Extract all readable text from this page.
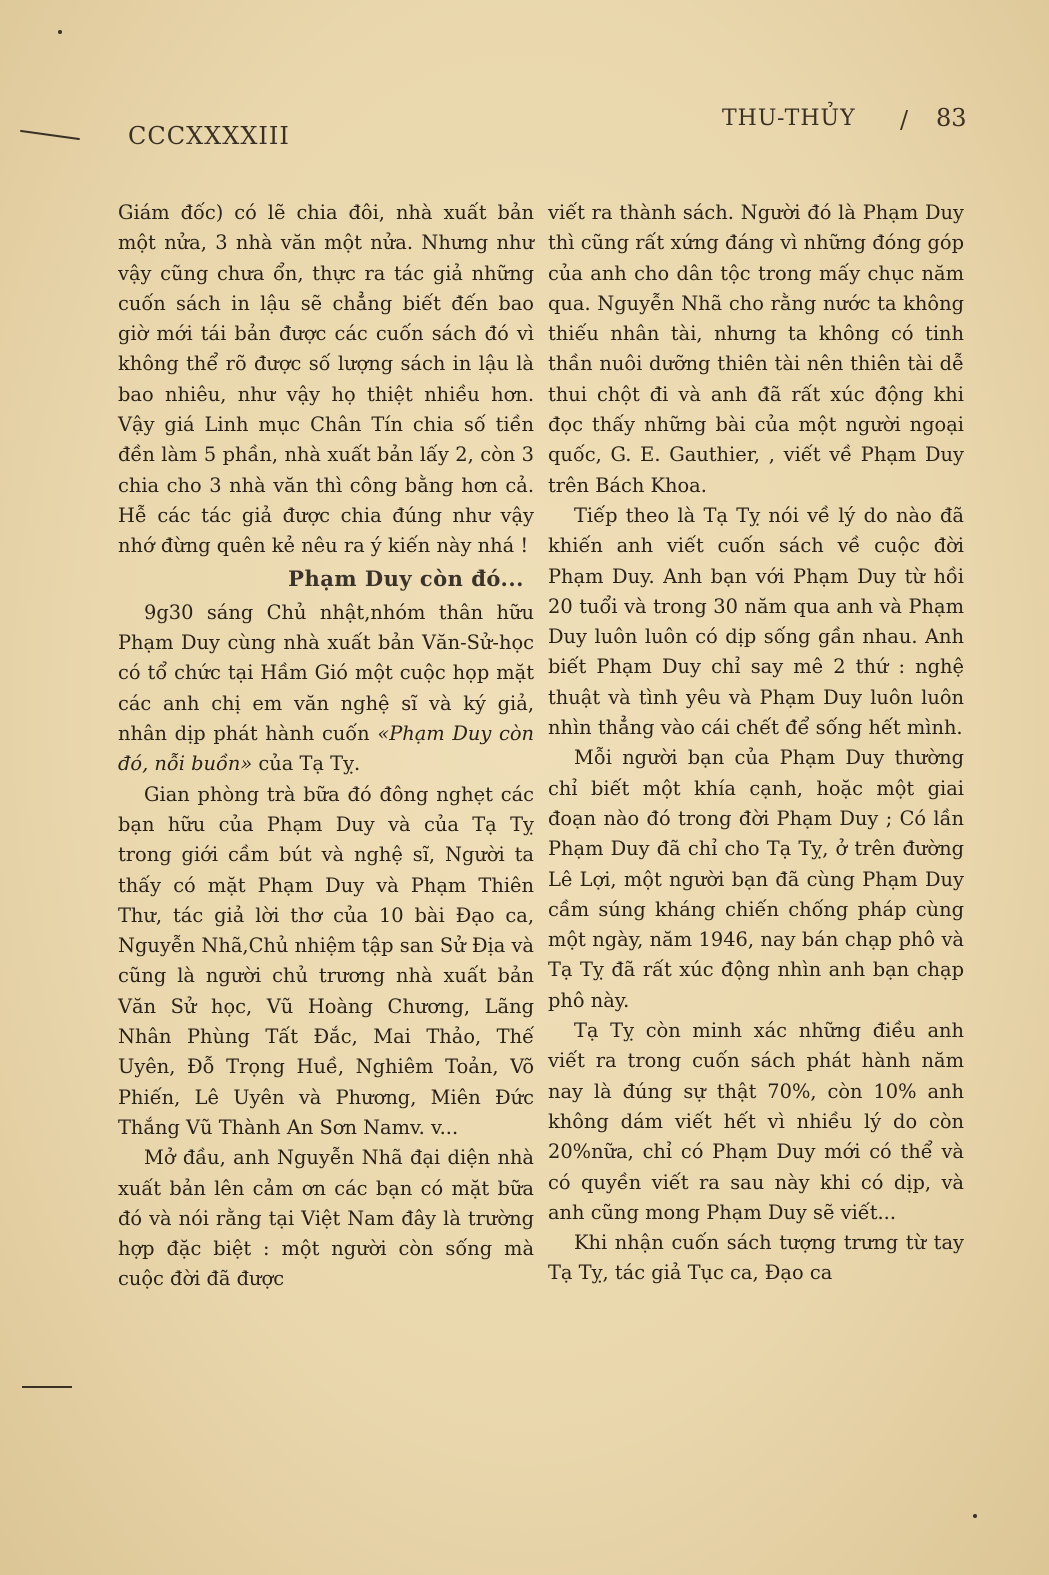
CCCXXXXIII
THU-THỦY / 83

Giám đốc) có lẽ chia đôi, nhà xuất bản một nửa, 3 nhà văn một nửa. Nhưng như vậy cũng chưa ổn, thực ra tác giả những cuốn sách in lậu sẽ chẳng biết đến bao giờ mới tái bản được các cuốn sách đó vì không thể rõ được số lượng sách in lậu là bao nhiêu, như vậy họ thiệt nhiều hơn. Vậy giá Linh mục Chân Tín chia số tiền đền làm 5 phần, nhà xuất bản lấy 2, còn 3 chia cho 3 nhà văn thì công bằng hơn cả. Hễ các tác giả được chia đúng như vậy nhớ đừng quên kẻ nêu ra ý kiến này nhá !

Phạm Duy còn đó...

9g30 sáng Chủ nhật,nhóm thân hữu Phạm Duy cùng nhà xuất bản Văn-Sử-học có tổ chức tại Hầm Gió một cuộc họp mặt các anh chị em văn nghệ sĩ và ký giả, nhân dịp phát hành cuốn «Phạm Duy còn đó, nỗi buồn» của Tạ Tỵ.

Gian phòng trà bữa đó đông nghẹt các bạn hữu của Phạm Duy và của Tạ Tỵ trong giới cầm bút và nghệ sĩ, Người ta thấy có mặt Phạm Duy và Phạm Thiên Thư, tác giả lời thơ của 10 bài Đạo ca, Nguyễn Nhã,Chủ nhiệm tập san Sử Địa và cũng là người chủ trương nhà xuất bản Văn Sử học, Vũ Hoàng Chương, Lãng Nhân Phùng Tất Đắc, Mai Thảo, Thế Uyên, Đỗ Trọng Huề, Nghiêm Toản, Võ Phiến, Lê Uyên và Phương, Miên Đức Thắng Vũ Thành An Sơn Namv. v...

Mở đầu, anh Nguyễn Nhã đại diện nhà xuất bản lên cảm ơn các bạn có mặt bữa đó và nói rằng tại Việt Nam đây là trường hợp đặc biệt : một người còn sống mà cuộc đời đã được

viết ra thành sách. Người đó là Phạm Duy thì cũng rất xứng đáng vì những đóng góp của anh cho dân tộc trong mấy chục năm qua. Nguyễn Nhã cho rằng nước ta không thiếu nhân tài, nhưng ta không có tinh thần nuôi dưỡng thiên tài nên thiên tài dễ thui chột đi và anh đã rất xúc động khi đọc thấy những bài của một người ngoại quốc, G. E. Gauthier, , viết về Phạm Duy trên Bách Khoa.

Tiếp theo là Tạ Tỵ nói về lý do nào đã khiến anh viết cuốn sách về cuộc đời Phạm Duy. Anh bạn với Phạm Duy từ hồi 20 tuổi và trong 30 năm qua anh và Phạm Duy luôn luôn có dịp sống gần nhau. Anh biết Phạm Duy chỉ say mê 2 thứ : nghệ thuật và tình yêu và Phạm Duy luôn luôn nhìn thẳng vào cái chết để sống hết mình.

Mỗi người bạn của Phạm Duy thường chỉ biết một khía cạnh, hoặc một giai đoạn nào đó trong đời Phạm Duy ; Có lần Phạm Duy đã chỉ cho Tạ Tỵ, ở trên đường Lê Lợi, một người bạn đã cùng Phạm Duy cầm súng kháng chiến chống pháp cùng một ngày, năm 1946, nay bán chạp phô và Tạ Tỵ đã rất xúc động nhìn anh bạn chạp phô này.

Tạ Tỵ còn minh xác những điều anh viết ra trong cuốn sách phát hành năm nay là đúng sự thật 70%, còn 10% anh không dám viết hết vì nhiều lý do còn 20%nữa, chỉ có Phạm Duy mới có thể và có quyền viết ra sau này khi có dịp, và anh cũng mong Phạm Duy sẽ viết...

Khi nhận cuốn sách tượng trưng từ tay Tạ Tỵ, tác giả Tục ca, Đạo ca
